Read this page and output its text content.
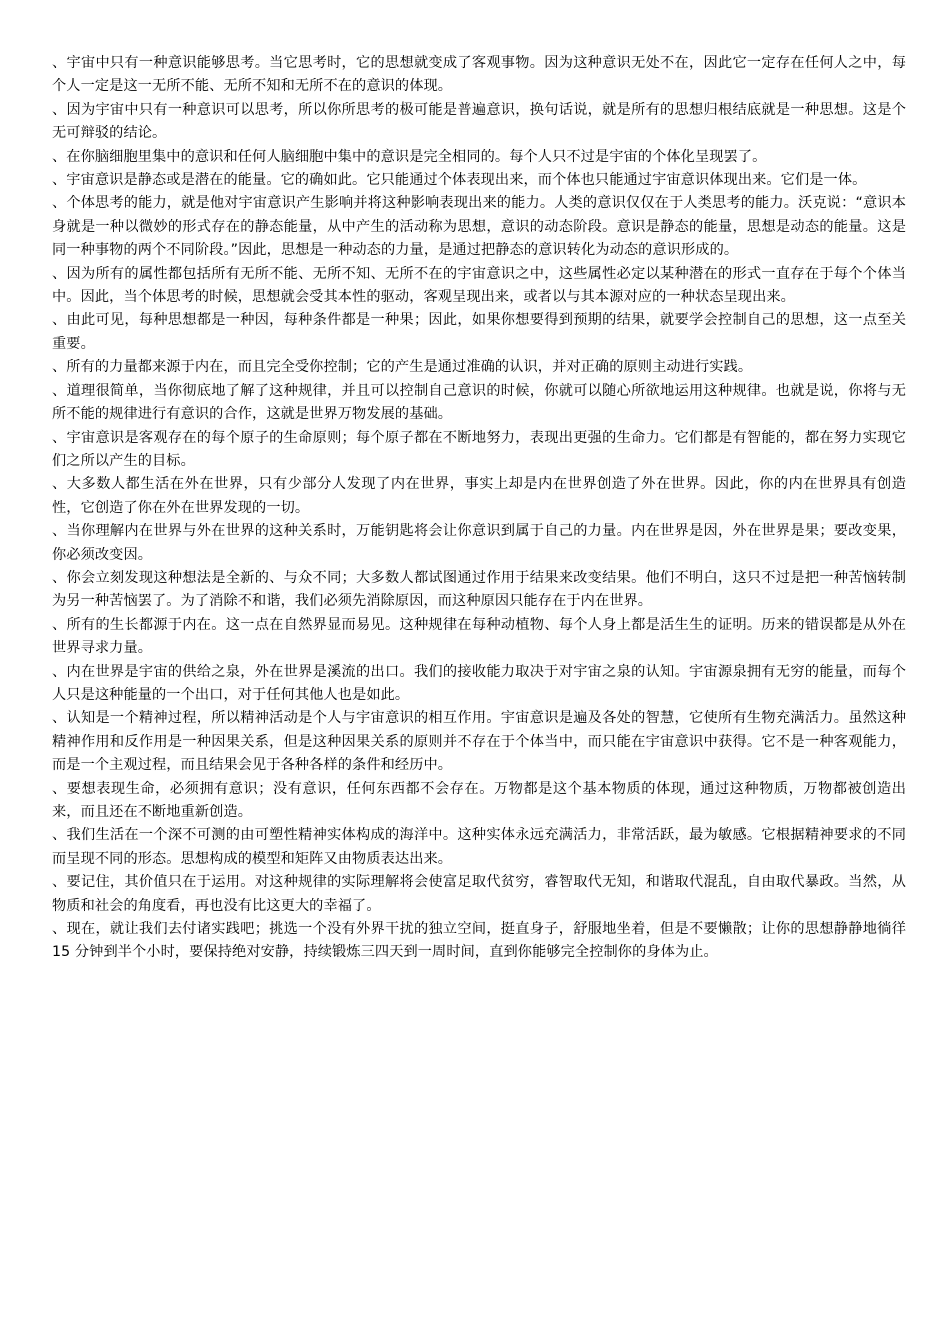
、宇宙中只有一种意识能够思考。当它思考时，它的思想就变成了客观事物。因为这种意识无处不在，因此它一定存在任何人之中，每个人一定是这一无所不能、无所不知和无所不在的意识的体现。

、因为宇宙中只有一种意识可以思考，所以你所思考的极可能是普遍意识，换句话说，就是所有的思想归根结底就是一种思想。这是个无可辩驳的结论。

、在你脑细胞里集中的意识和任何人脑细胞中集中的意识是完全相同的。每个人只不过是宇宙的个体化呈现罢了。

、宇宙意识是静态或是潜在的能量。它的确如此。它只能通过个体表现出来，而个体也只能通过宇宙意识体现出来。它们是一体。

、个体思考的能力，就是他对宇宙意识产生影响并将这种影响表现出来的能力。人类的意识仅仅在于人类思考的能力。沃克说：“意识本身就是一种以微妙的形式存在的静态能量，从中产生的活动称为思想，意识的动态阶段。意识是静态的能量，思想是动态的能量。这是同一种事物的两个不同阶段。”因此，思想是一种动态的力量，是通过把静态的意识转化为动态的意识形成的。

、因为所有的属性都包括所有无所不能、无所不知、无所不在的宇宙意识之中，这些属性必定以某种潜在的形式一直存在于每个个体当中。因此，当个体思考的时候，思想就会受其本性的驱动，客观呈现出来，或者以与其本源对应的一种状态呈现出来。

、由此可见，每种思想都是一种因，每种条件都是一种果；因此，如果你想要得到预期的结果，就要学会控制自己的思想，这一点至关重要。

、所有的力量都来源于内在，而且完全受你控制；它的产生是通过准确的认识，并对正确的原则主动进行实践。

、道理很简单，当你彻底地了解了这种规律，并且可以控制自己意识的时候，你就可以随心所欲地运用这种规律。也就是说，你将与无所不能的规律进行有意识的合作，这就是世界万物发展的基础。

、宇宙意识是客观存在的每个原子的生命原则；每个原子都在不断地努力，表现出更强的生命力。它们都是有智能的，都在努力实现它们之所以产生的目标。

、大多数人都生活在外在世界，只有少部分人发现了内在世界，事实上却是内在世界创造了外在世界。因此，你的内在世界具有创造性，它创造了你在外在世界发现的一切。

、当你理解内在世界与外在世界的这种关系时，万能钥匙将会让你意识到属于自己的力量。内在世界是因，外在世界是果；要改变果，你必须改变因。

、你会立刻发现这种想法是全新的、与众不同；大多数人都试图通过作用于结果来改变结果。他们不明白，这只不过是把一种苦恼转制为另一种苦恼罢了。为了消除不和谐，我们必须先消除原因，而这种原因只能存在于内在世界。

、所有的生长都源于内在。这一点在自然界显而易见。这种规律在每种动植物、每个人身上都是活生生的证明。历来的错误都是从外在世界寻求力量。

、内在世界是宇宙的供给之泉，外在世界是溪流的出口。我们的接收能力取决于对宇宙之泉的认知。宇宙源泉拥有无穷的能量，而每个人只是这种能量的一个出口，对于任何其他人也是如此。

、认知是一个精神过程，所以精神活动是个人与宇宙意识的相互作用。宇宙意识是遍及各处的智慧，它使所有生物充满活力。虽然这种精神作用和反作用是一种因果关系，但是这种因果关系的原则并不存在于个体当中，而只能在宇宙意识中获得。它不是一种客观能力，而是一个主观过程，而且结果会见于各种各样的条件和经历中。

、要想表现生命，必须拥有意识；没有意识，任何东西都不会存在。万物都是这个基本物质的体现，通过这种物质，万物都被创造出来，而且还在不断地重新创造。

、我们生活在一个深不可测的由可塑性精神实体构成的海洋中。这种实体永远充满活力，非常活跃，最为敏感。它根据精神要求的不同而呈现不同的形态。思想构成的模型和矩阵又由物质表达出来。

、要记住，其价值只在于运用。对这种规律的实际理解将会使富足取代贫穷，睿智取代无知，和谐取代混乱，自由取代暴政。当然，从物质和社会的角度看，再也没有比这更大的幸福了。

、现在，就让我们去付诸实践吧；挑选一个没有外界干扰的独立空间，挺直身子，舒服地坐着，但是不要懒散；让你的思想静静地徜徉 15 分钟到半个小时，要保持绝对安静，持续锻炼三四天到一周时间，直到你能够完全控制你的身体为止。
